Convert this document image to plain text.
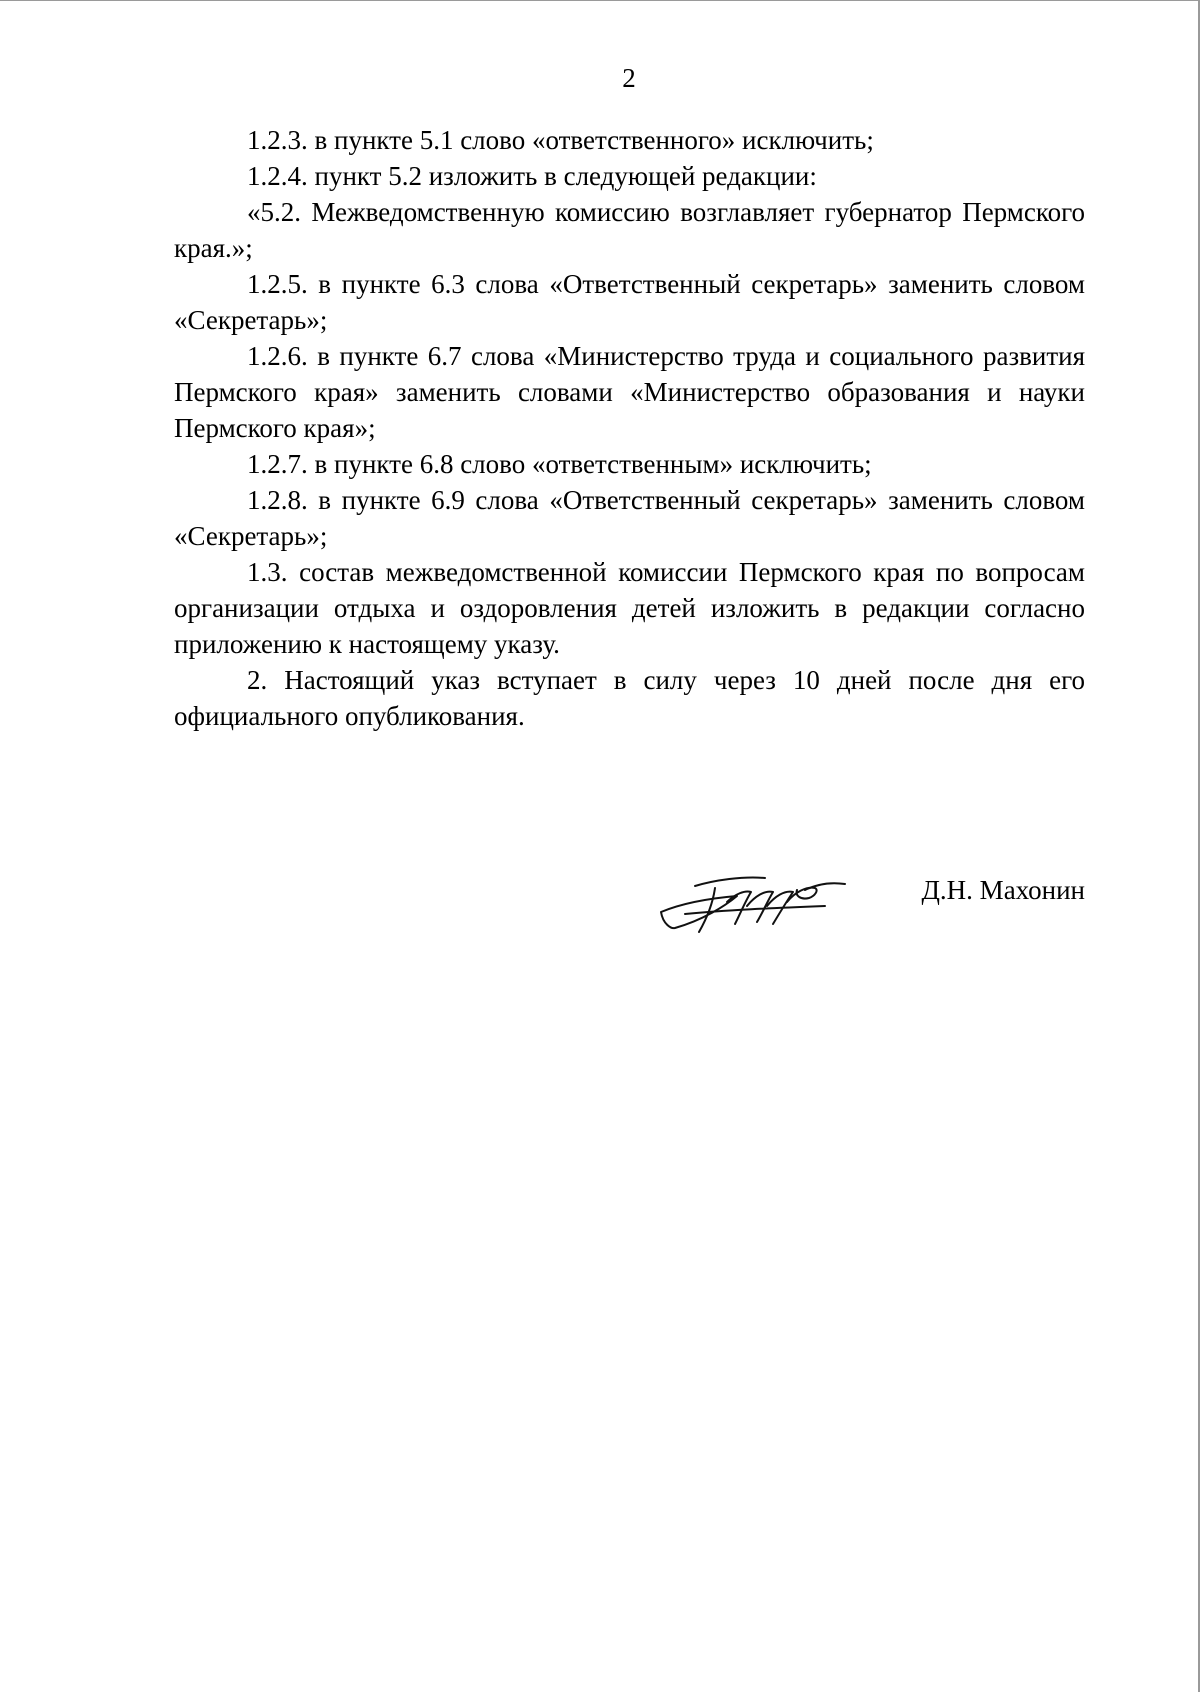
2

1.2.3. в пункте 5.1 слово «ответственного» исключить;

1.2.4. пункт 5.2 изложить в следующей редакции:

«5.2. Межведомственную комиссию возглавляет губернатор Пермского края.»;

1.2.5. в пункте 6.3 слова «Ответственный секретарь» заменить словом «Секретарь»;

1.2.6. в пункте 6.7 слова «Министерство труда и социального развития Пермского края» заменить словами «Министерство образования и науки Пермского края»;

1.2.7. в пункте 6.8 слово «ответственным» исключить;

1.2.8. в пункте 6.9 слова «Ответственный секретарь» заменить словом «Секретарь»;

1.3. состав межведомственной комиссии Пермского края по вопросам организации отдыха и оздоровления детей изложить в редакции согласно приложению к настоящему указу.

2. Настоящий указ вступает в силу через 10 дней после дня его официального опубликования.

Д.Н. Махонин
